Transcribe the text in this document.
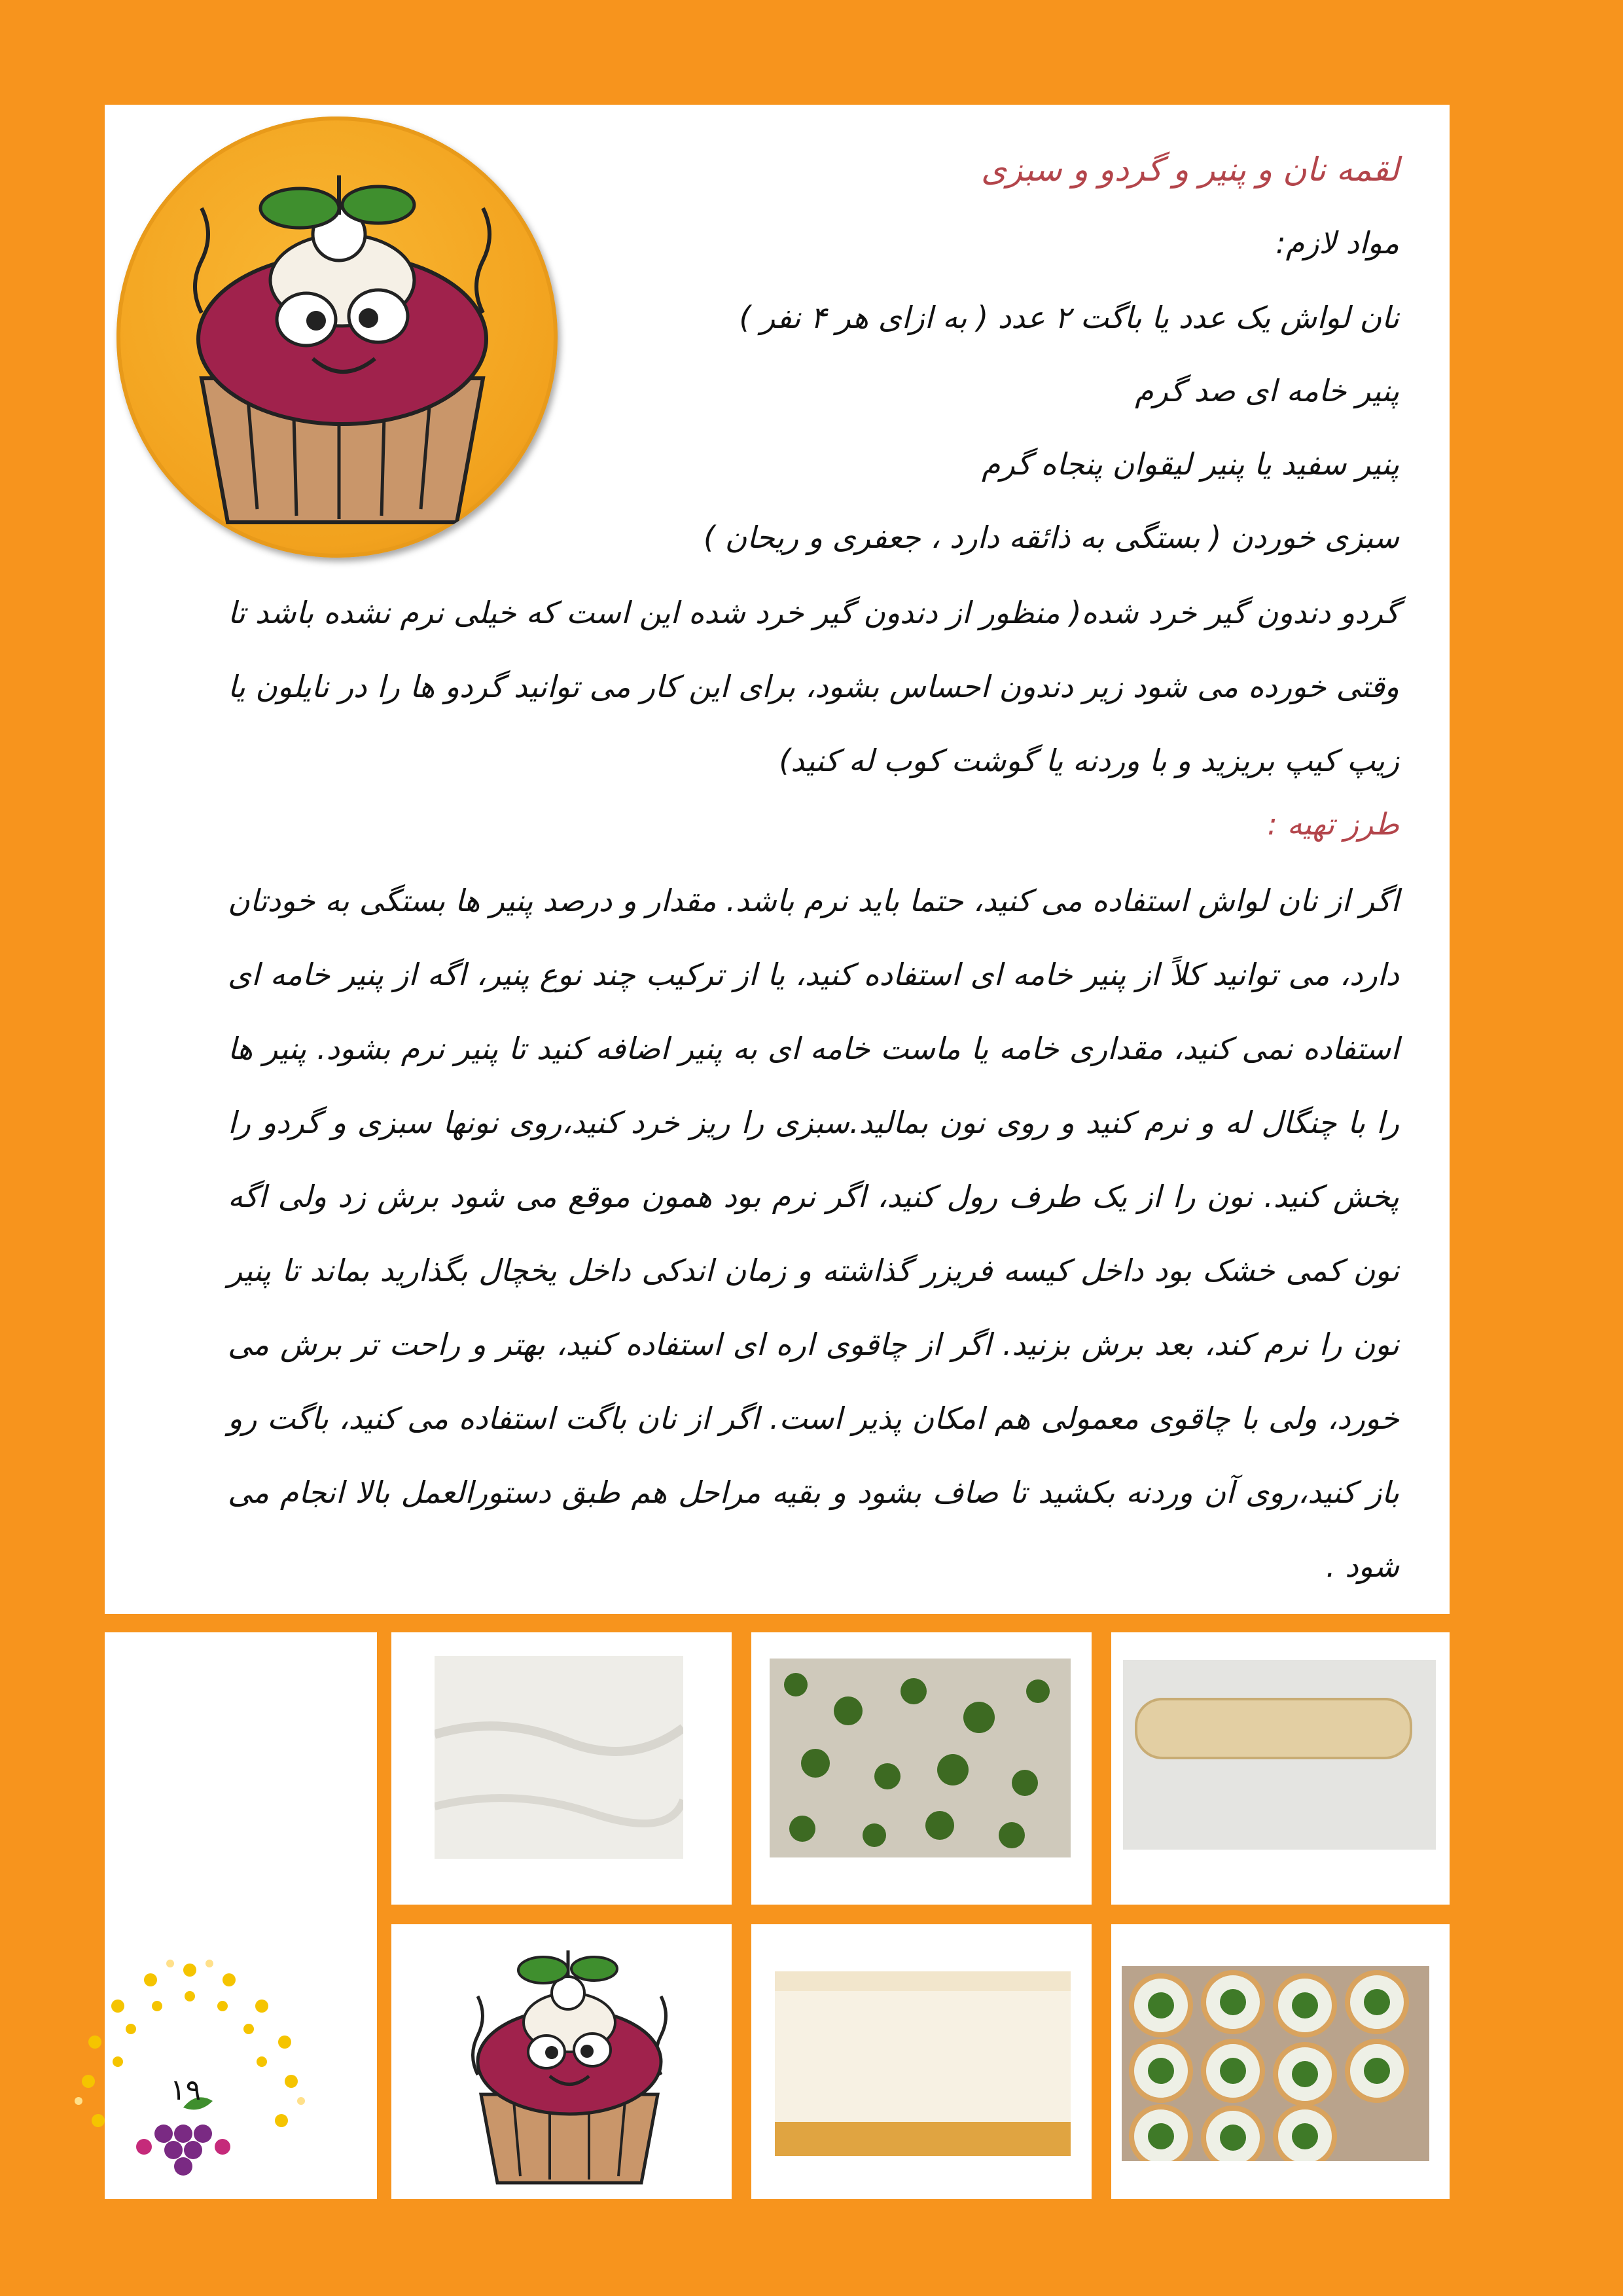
لقمه نان و پنیر و گردو و سبزی
مواد لازم:
نان لواش یک عدد یا باگت ۲ عدد ( به ازای هر ۴ نفر )
پنیر خامه ای صد گرم
پنیر سفید یا پنیر لیقوان پنجاه گرم
سبزی خوردن ( بستگی به ذائقه دارد ، جعفری و ریحان )
گردو دندون گیر خرد شده( منظور از دندون گیر خرد شده این است که خیلی نرم نشده باشد تا وقتی خورده می شود زیر دندون احساس بشود، برای این کار می توانید گردو ها را در نایلون یا زیپ کیپ بریزید و با وردنه یا گوشت کوب له کنید)
طرز تهیه :
اگر از نان لواش استفاده می کنید، حتما باید نرم باشد. مقدار و درصد پنیر ها بستگی به خودتان دارد، می توانید کلاً از پنیر خامه ای استفاده کنید، یا از ترکیب چند نوع پنیر، اگه از پنیر خامه ای استفاده نمی کنید، مقداری خامه یا ماست خامه ای به پنیر اضافه کنید تا پنیر نرم بشود. پنیر ها را با چنگال له و نرم کنید و روی نون بمالید.سبزی را ریز خرد کنید،روی نونها سبزی و گردو را پخش کنید. نون را از یک طرف رول کنید، اگر نرم بود همون موقع می شود برش زد ولی اگه نون کمی خشک بود داخل کیسه فریزر گذاشته و زمان اندکی داخل یخچال بگذارید بماند تا پنیر نون را نرم کند، بعد برش بزنید. اگر از چاقوی اره ای استفاده کنید، بهتر و راحت تر برش می خورد، ولی با چاقوی معمولی هم امکان پذیر است. اگر از نان باگت استفاده می کنید، باگت رو باز کنید،روی آن وردنه بکشید تا صاف بشود و بقیه مراحل هم طبق دستورالعمل بالا انجام می شود .
۱۹
